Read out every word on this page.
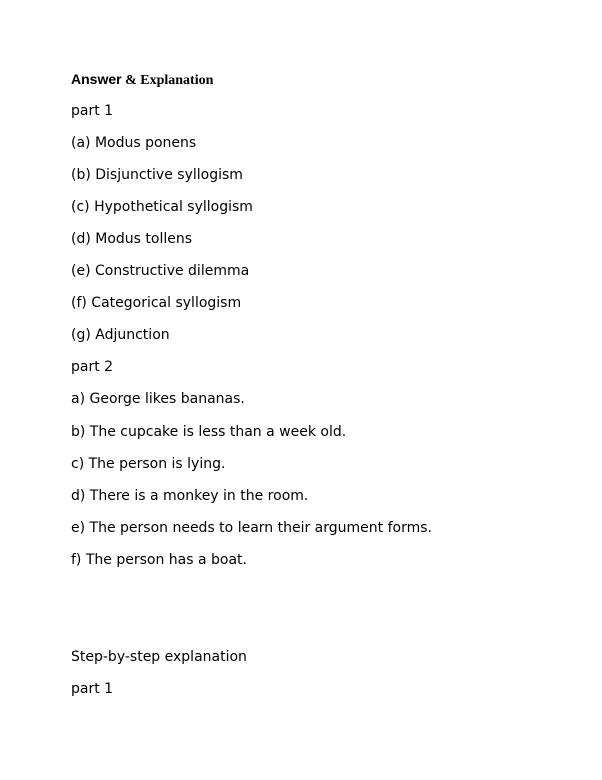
Answer & Explanation

part 1

(a) Modus ponens

(b) Disjunctive syllogism

(c) Hypothetical syllogism

(d) Modus tollens

(e) Constructive dilemma

(f) Categorical syllogism

(g) Adjunction

part 2

a) George likes bananas.

b) The cupcake is less than a week old.

c) The person is lying.

d) There is a monkey in the room.

e) The person needs to learn their argument forms.

f) The person has a boat.

Step-by-step explanation

part 1
